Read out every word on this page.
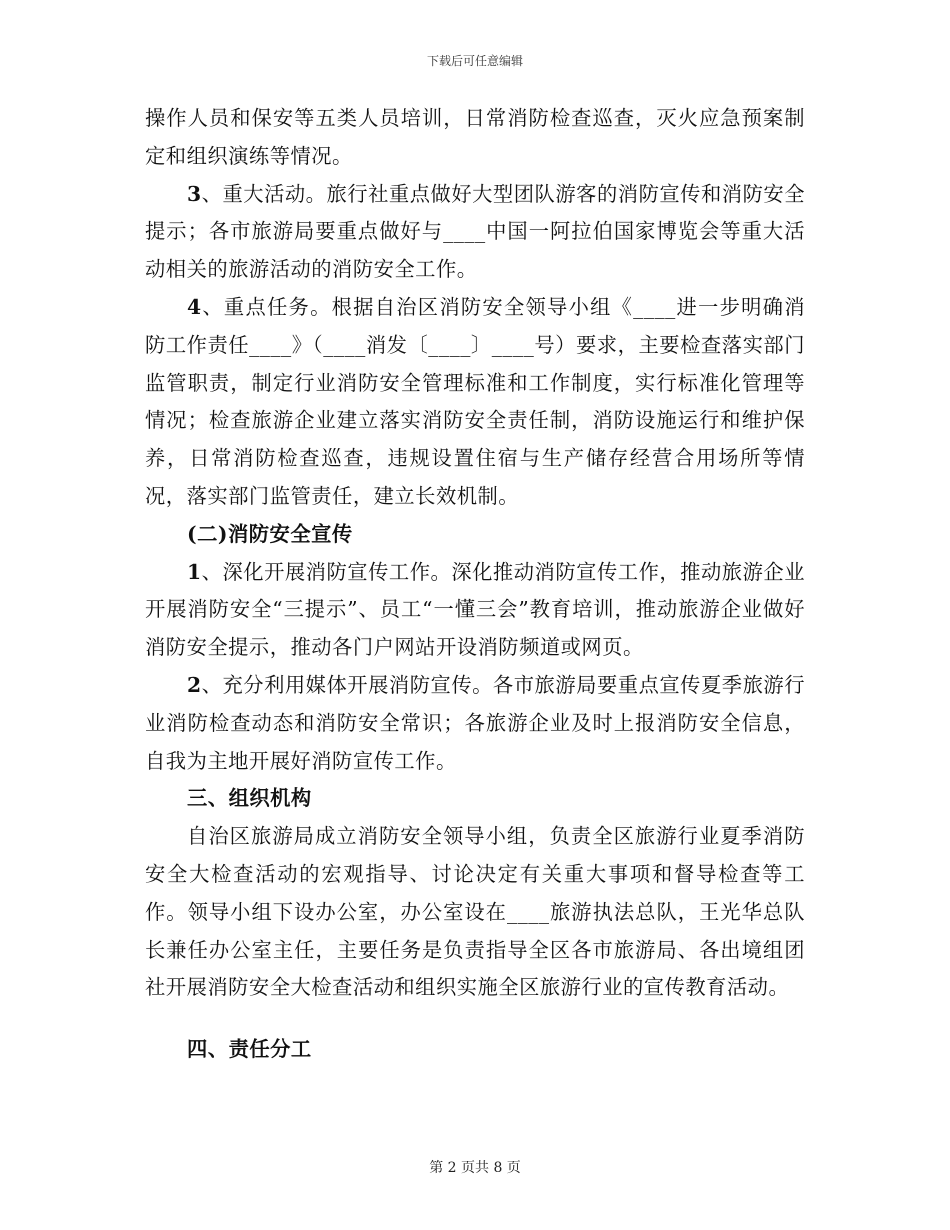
下载后可任意编辑

操作人员和保安等五类人员培训，日常消防检查巡查，灭火应急预案制定和组织演练等情况。

3、重大活动。旅行社重点做好大型团队游客的消防宣传和消防安全提示；各市旅游局要重点做好与____中国一阿拉伯国家博览会等重大活动相关的旅游活动的消防安全工作。

4、重点任务。根据自治区消防安全领导小组《____进一步明确消防工作责任____》（____消发〔____〕____号）要求，主要检查落实部门监管职责，制定行业消防安全管理标准和工作制度，实行标准化管理等情况；检查旅游企业建立落实消防安全责任制，消防设施运行和维护保养，日常消防检查巡查，违规设置住宿与生产储存经营合用场所等情况，落实部门监管责任，建立长效机制。

(二)消防安全宣传

1、深化开展消防宣传工作。深化推动消防宣传工作，推动旅游企业开展消防安全“三提示”、员工“一懂三会”教育培训，推动旅游企业做好消防安全提示，推动各门户网站开设消防频道或网页。

2、充分利用媒体开展消防宣传。各市旅游局要重点宣传夏季旅游行业消防检查动态和消防安全常识；各旅游企业及时上报消防安全信息，自我为主地开展好消防宣传工作。

三、组织机构

自治区旅游局成立消防安全领导小组，负责全区旅游行业夏季消防安全大检查活动的宏观指导、讨论决定有关重大事项和督导检查等工作。领导小组下设办公室，办公室设在____旅游执法总队，王光华总队长兼任办公室主任，主要任务是负责指导全区各市旅游局、各出境组团社开展消防安全大检查活动和组织实施全区旅游行业的宣传教育活动。

四、责任分工

第 2 页共 8 页
